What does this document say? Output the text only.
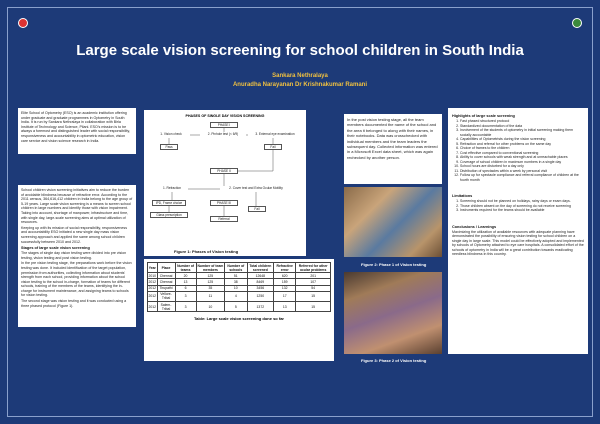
Large scale vision screening for school children in South India
Sankara Nethralaya
Anuradha Narayanan Dr Krishnakumar Ramani
Elite School of Optometry (ESO) is an academic institution offering under graduate and graduate programmes in Optometry in South India. It is run by Sankara Nethralaya in collaboration with Birla Institute of Technology and Science, Pilani. ESO's mission is to be always a foremost and distinguished leader with social responsibility, responsiveness and accountability in optometric education, vision care service and vision science research in India.
School children vision screening initiatives aim to reduce the burden of avoidable blindness because of refractive error. According to the 2011 census, 364,616,412 children in India belong to the age group of 5-19 years. Large scale vision screening is a means to screen school children in large numbers and identify those with vision impairment. Taking into account, shortage of manpower, infrastructure and time, with single day, large-scale screening aims at optimal utilization of resources.
Keeping up with its mission of social responsibility, responsiveness and accountability ESO initiated a new single day mass vision screening approach and applied the same among school children successfully between 2010 and 2012.
Stages of large scale vision screening
The stages of single day vision testing were divided into pre vision testing, vision testing and post vision testing.
In the pre vision testing stage, the preparations work before the vision testing was done. It included identification of the target population, permission from authorities, collecting information about students' strength from each school, providing information about the school vision testing to the school in-charge, formation of teams for different schools, training of the members of the teams, identifying the in-charge for instrument maintenance, and assigning teams to schools for vision testing.
The second stage was vision testing and it was conducted using a three phased protocol (Figure 1).
PHASES OF SINGLE DAY VISION SCREENING
PHASE I
1. Vision check	2. Pinhole test (< 6/9)	3. External eye examination
Pass	Fail
PHASE II
1. Refraction	2. Cover test and Extra Ocular Motility
IPD, Frame choice	PHASE III
Fail
Glass prescription
Referral
Figure 1: Phases of Vision testing
Year	Place	Number of teams	Number of team members	Number of schools	Total children screened	Refractive error	Referred for other ocular problems
2010	Chennai	20	125	51	12648	620	201
2012	Chennai	13	125	38	8469	159	107
2012	Tirupathi	6	35	10	3456	132	54
2012	Vellore-Tribal	3	11	4	1250	17	15
2012	Salem-Tribal	3	10	5	1372	13	15
Table: Large scale vision screening done so far
In the post vision testing stage, all the team members documented the name of the school and the area it belonged to along with their names, in their notebooks. Data was crosschecked with individual members and the team leaders the subsequent day. Collected information was entered in a Microsoft Excel data sheet, which was again rechecked by another person.
Figure 2: Phase 1 of Vision testing
Figure 3: Phase 2 of Vision testing
Highlights of large scale screening
1. Fast phased structured protocol
2. Standardized documentation of the data
3. Involvement of the students of optometry in initial screening making them socially accountable
4. Capabilities of Optometrists during the vision screening
5. Refraction and referral for other problems on the same day
6. Choice of frames to the children
7. Cost effective compared to conventional screening
8. Ability to cover schools with weak strength and at unreachable places
9. Coverage of school children in maximum numbers in a single day
10. School hours are disturbed for a day only
11. Distribution of spectacles within a week by personal visit
12. Follow up for spectacle compliance and referral compliance of children at the fourth month
Limitations
1. Screening should not be planned on holidays, rainy days or exam days.
2. Those children absent on the day of screening do not receive screening
3. Instruments required for the teams should be available
Conclusions / Learnings
Maximizing the utilization of available resources with adequate planning have demonstrated the possibility of ensuring vision testing for school children on a single day in large scale. This model could be effectively adopted and implemented by schools of Optometry attached to eye care hospitals. A consolidated effort of the schools of optometry in India will be a great contribution towards eradicating needless blindness in this country.
